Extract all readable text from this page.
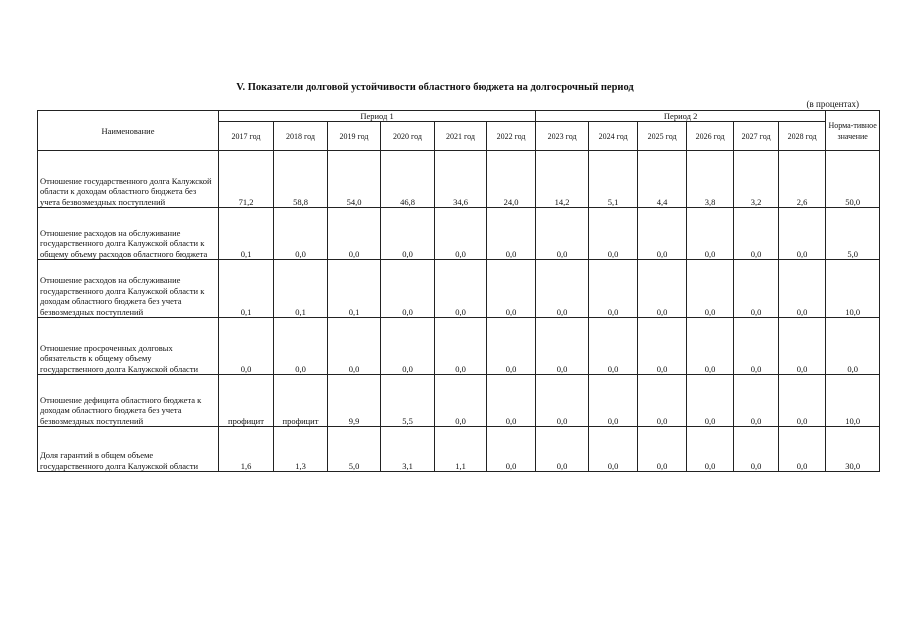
V. Показатели долговой устойчивости областного бюджета на долгосрочный период
(в процентах)
Наименование	Период 1						Период 2						Норма-тивное значение
	2017 год	2018 год	2019 год	2020 год	2021 год	2022 год	2023 год	2024 год	2025 год	2026 год	2027 год	2028 год	
Отношение государственного долга Калужской области к доходам областного бюджета без учета безвозмездных поступлений	71,2	58,8	54,0	46,8	34,6	24,0	14,2	5,1	4,4	3,8	3,2	2,6	50,0
Отношение расходов на обслуживание государственного долга Калужской области к общему объему расходов областного бюджета	0,1	0,0	0,0	0,0	0,0	0,0	0,0	0,0	0,0	0,0	0,0	0,0	5,0
Отношение расходов на обслуживание государственного долга Калужской области к доходам областного бюджета без учета безвозмездных поступлений	0,1	0,1	0,1	0,0	0,0	0,0	0,0	0,0	0,0	0,0	0,0	0,0	10,0
Отношение просроченных долговых обязательств к общему объему государственного долга Калужской области	0,0	0,0	0,0	0,0	0,0	0,0	0,0	0,0	0,0	0,0	0,0	0,0	0,0
Отношение дефицита областного бюджета к доходам областного бюджета без учета безвозмездных поступлений	профицит	профицит	9,9	5,5	0,0	0,0	0,0	0,0	0,0	0,0	0,0	0,0	10,0
Доля гарантий в общем объеме государственного долга Калужской области	1,6	1,3	5,0	3,1	1,1	0,0	0,0	0,0	0,0	0,0	0,0	0,0	30,0
